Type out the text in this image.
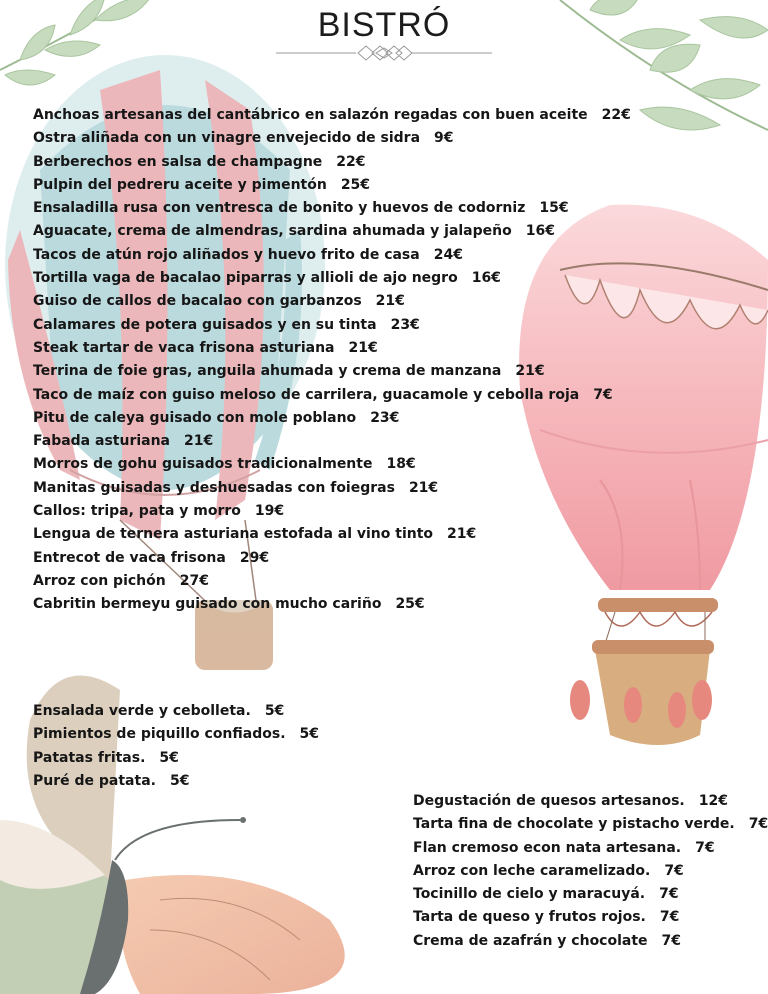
BISTRÓ
Anchoas artesanas del cantábrico en salazón regadas con buen aceite 22€
Ostra aliñada con un vinagre envejecido de sidra 9€
Berberechos en salsa de champagne 22€
Pulpin del pedreru aceite y pimentón 25€
Ensaladilla rusa con ventresca de bonito y huevos de codorniz 15€
Aguacate, crema de almendras, sardina ahumada y jalapeño 16€
Tacos de atún rojo aliñados y huevo frito de casa 24€
Tortilla vaga de bacalao piparras y allioli de ajo negro 16€
Guiso de callos de bacalao con garbanzos 21€
Calamares de potera guisados y en su tinta 23€
Steak tartar de vaca frisona asturiana 21€
Terrina de foie gras, anguila ahumada y crema de manzana 21€
Taco de maíz con guiso meloso de carrilera, guacamole y cebolla roja 7€
Pitu de caleya guisado con mole poblano 23€
Fabada asturiana 21€
Morros de gohu guisados tradicionalmente 18€
Manitas guisadas y deshuesadas con foiegras 21€
Callos: tripa, pata y morro 19€
Lengua de ternera asturiana estofada al vino tinto 21€
Entrecot de vaca frisona 29€
Arroz con pichón 27€
Cabritin bermeyu guisado con mucho cariño 25€
Ensalada verde y cebolleta. 5€
Pimientos de piquillo confiados. 5€
Patatas fritas. 5€
Puré de patata. 5€
Degustación de quesos artesanos. 12€
Tarta fina de chocolate y pistacho verde. 7€
Flan cremoso econ nata artesana. 7€
Arroz con leche caramelizado. 7€
Tocinillo de cielo y maracuyá. 7€
Tarta de queso y frutos rojos. 7€
Crema de azafrán y chocolate 7€
